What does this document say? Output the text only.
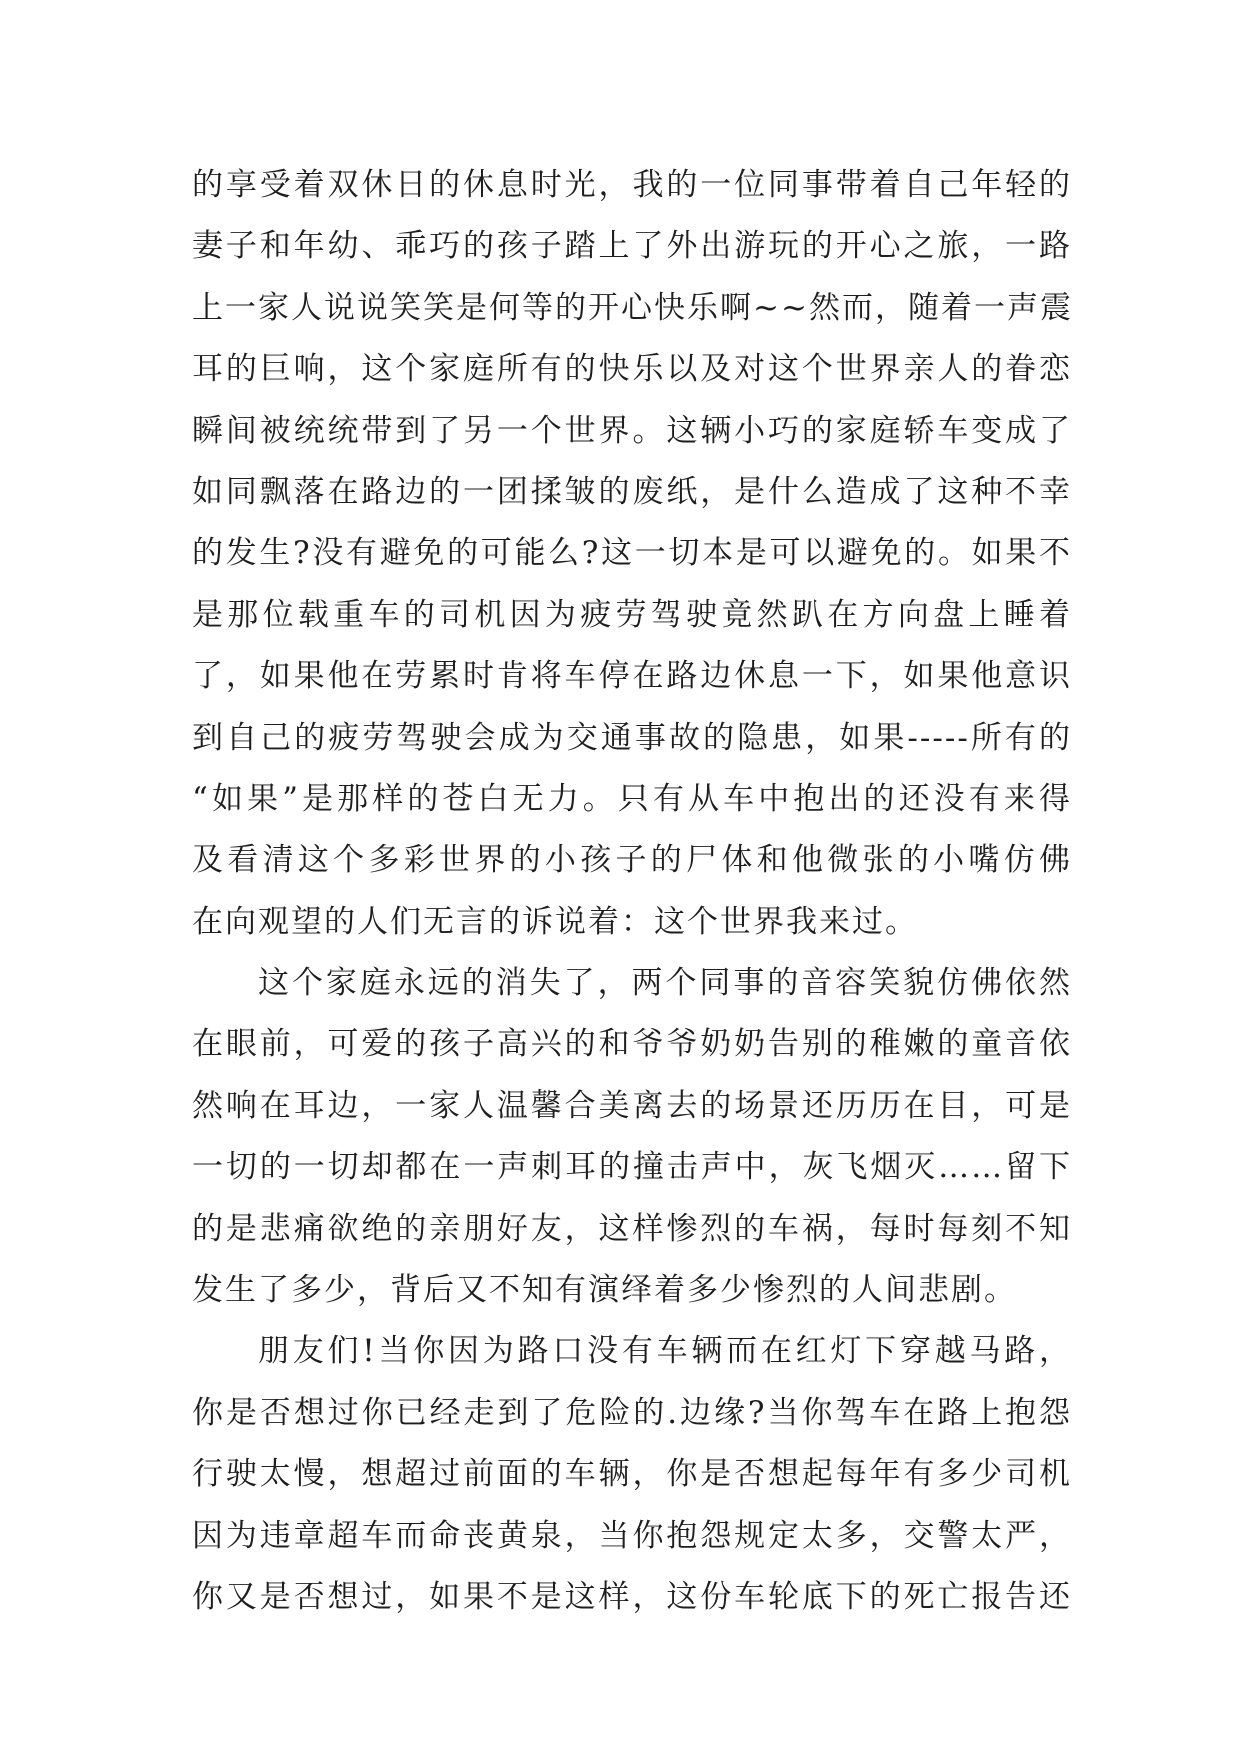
的享受着双休日的休息时光，我的一位同事带着自己年轻的
妻子和年幼、乖巧的孩子踏上了外出游玩的开心之旅，一路
上一家人说说笑笑是何等的开心快乐啊~~然而，随着一声震
耳的巨响，这个家庭所有的快乐以及对这个世界亲人的眷恋
瞬间被统统带到了另一个世界。这辆小巧的家庭轿车变成了
如同飘落在路边的一团揉皱的废纸，是什么造成了这种不幸
的发生?没有避免的可能么?这一切本是可以避免的。如果不
是那位载重车的司机因为疲劳驾驶竟然趴在方向盘上睡着
了，如果他在劳累时肯将车停在路边休息一下，如果他意识
到自己的疲劳驾驶会成为交通事故的隐患，如果-----所有的
“如果”是那样的苍白无力。只有从车中抱出的还没有来得
及看清这个多彩世界的小孩子的尸体和他微张的小嘴仿佛
在向观望的人们无言的诉说着：这个世界我来过。
这个家庭永远的消失了，两个同事的音容笑貌仿佛依然
在眼前，可爱的孩子高兴的和爷爷奶奶告别的稚嫩的童音依
然响在耳边，一家人温馨合美离去的场景还历历在目，可是
一切的一切却都在一声刺耳的撞击声中，灰飞烟灭……留下
的是悲痛欲绝的亲朋好友，这样惨烈的车祸，每时每刻不知
发生了多少，背后又不知有演绎着多少惨烈的人间悲剧。
朋友们!当你因为路口没有车辆而在红灯下穿越马路，
你是否想过你已经走到了危险的.边缘?当你驾车在路上抱怨
行驶太慢，想超过前面的车辆，你是否想起每年有多少司机
因为违章超车而命丧黄泉，当你抱怨规定太多，交警太严，
你又是否想过，如果不是这样，这份车轮底下的死亡报告还
